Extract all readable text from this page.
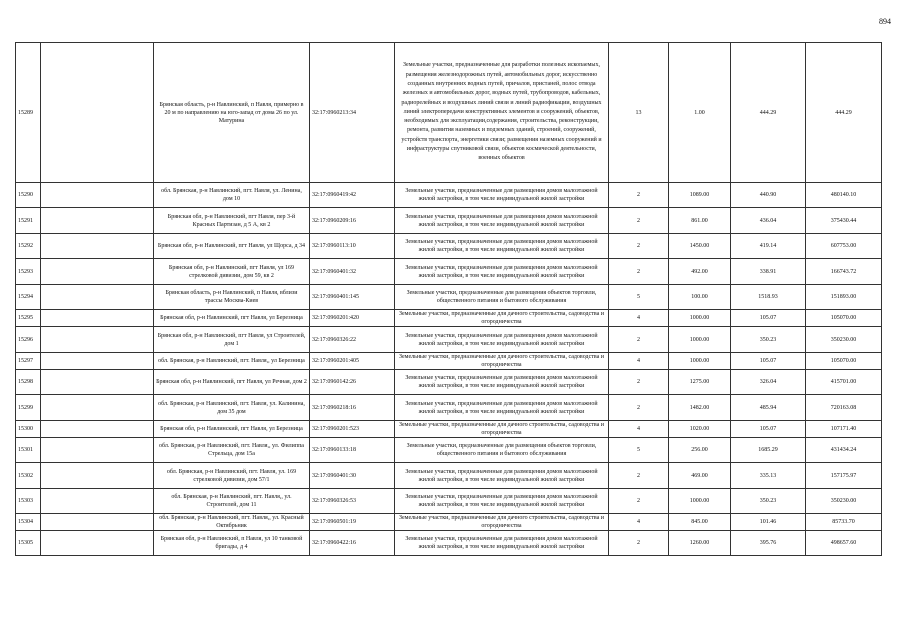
894
15289		Брянская область, р-н Навлинский, п Навля, примерно в 20 м по направлению на юго-запад от дома 26 по ул. Матурина	32:17:0960213:34	Земельные участки, предназначенные для разработки полезных ископаемых, размещения железнодорожных путей, автомобильных дорог, искусственно созданных внутренних водных путей, причалов, пристаней, полос отвода железных и автомобильных дорог, водных путей, трубопроводов, кабельных, радиорелейных и воздушных линий связи и линий радиофикации, воздушных линий электропередачи конструктивных элементов и сооружений, объектов, необходимых для эксплуатации,содержания, строительства, реконструкции, ремонта, развития наземных и подземных зданий, строений, сооружений, устройств транспорта, энергетики связи; размещения наземных сооружений и инфраструктуры спутниковой связи, объектов космической деятельности, военных объектов	13	1.00	444.29	444.29
15290		обл. Брянская, р-н Навлинский, пгт. Навля, ул. Ленина, дом 10	32:17:0960419:42	Земельные участки, предназначенные для размещения домов малоэтажной жилой застройки, в том числе индивидуальной жилой застройки	2	1089.00	440.90	480140.10
15291		Брянская обл, р-н Навлинский, пгт Навля, пер 3-й Красных Партизан, д 5 А, кв 2	32:17:0960209:16	Земельные участки, предназначенные для размещения домов малоэтажной жилой застройки, в том числе индивидуальной жилой застройки	2	861.00	436.04	375430.44
15292		Брянская обл, р-н Навлинский, пгт Навля, ул Щорса, д 34	32:17:0960113:10	Земельные участки, предназначенные для размещения домов малоэтажной жилой застройки, в том числе индивидуальной жилой застройки	2	1450.00	419.14	607753.00
15293		Брянская обл, р-н Навлинский, пгт Навля, ул 169 стрелковой дивизии, дом 59, кв 2	32:17:0960401:32	Земельные участки, предназначенные для размещения домов малоэтажной жилой застройки, в том числе индивидуальной жилой застройки	2	492.00	338.91	166743.72
15294		Брянская область, р-н Навлинский, п Навля, вблизи трассы Москва-Киев	32:17:0960401:145	Земельные участки, предназначенные для размещения объектов торговли, общественного питания и бытового обслуживания	5	100.00	1518.93	151893.00
15295		Брянская обл, р-н Навлинский, пгт Навля, ул Березница	32:17:0960201:420	Земельные участки, предназначенные для дачного строительства, садоводства и огородничества	4	1000.00	105.07	105070.00
15296		Брянская обл, р-н Навлинский, пгт Навля, ул Строителей, дом 1	32:17:0960326:22	Земельные участки, предназначенные для размещения домов малоэтажной жилой застройки, в том числе индивидуальной жилой застройки	2	1000.00	350.23	350230.00
15297		обл. Брянская, р-н Навлинский, пгт. Навля,, ул Березница	32:17:0960201:405	Земельные участки, предназначенные для дачного строительства, садоводства и огородничества	4	1000.00	105.07	105070.00
15298		Брянская обл, р-н Навлинский, пгт Навля, ул Речная, дом 2	32:17:0960142:26	Земельные участки, предназначенные для размещения домов малоэтажной жилой застройки, в том числе индивидуальной жилой застройки	2	1275.00	326.04	415701.00
15299		обл. Брянская, р-н Навлинский, пгт. Навля, ул. Калинина, дом 35 дом	32:17:0960218:16	Земельные участки, предназначенные для размещения домов малоэтажной жилой застройки, в том числе индивидуальной жилой застройки	2	1482.00	485.94	720163.08
15300		Брянская обл, р-н Навлинский, пгт Навля, ул Березница	32:17:0960201:523	Земельные участки, предназначенные для дачного строительства, садоводства и огородничества	4	1020.00	105.07	107171.40
15301		обл. Брянская, р-н Навлинский, пгт. Навля,, ул. Филиппа Стрельца, дом 15а	32:17:0960133:18	Земельные участки, предназначенные для размещения объектов торговли, общественного питания и бытового обслуживания	5	256.00	1685.29	431434.24
15302		обл. Брянская, р-н Навлинский, пгт. Навля, ул. 169 стрелковой дивизии, дом 57/1	32:17:0960401:30	Земельные участки, предназначенные для размещения домов малоэтажной жилой застройки, в том числе индивидуальной жилой застройки	2	469.00	335.13	157175.97
15303		обл. Брянская, р-н Навлинский, пгт. Навля,, ул. Строителей, дом 11	32:17:0960326:53	Земельные участки, предназначенные для размещения домов малоэтажной жилой застройки, в том числе индивидуальной жилой застройки	2	1000.00	350.23	350230.00
15304		обл. Брянская, р-н Навлинский, пгт. Навля,, ул. Красный Октябрьник	32:17:0960501:19	Земельные участки, предназначенные для дачного строительства, садоводства и огородничества	4	845.00	101.46	85733.70
15305		Брянская обл, р-н Навлинский, п Навля, ул 10 танковой бригады, д 4	32:17:0960422:16	Земельные участки, предназначенные для размещения домов малоэтажной жилой застройки, в том числе индивидуальной жилой застройки	2	1260.00	395.76	498657.60
